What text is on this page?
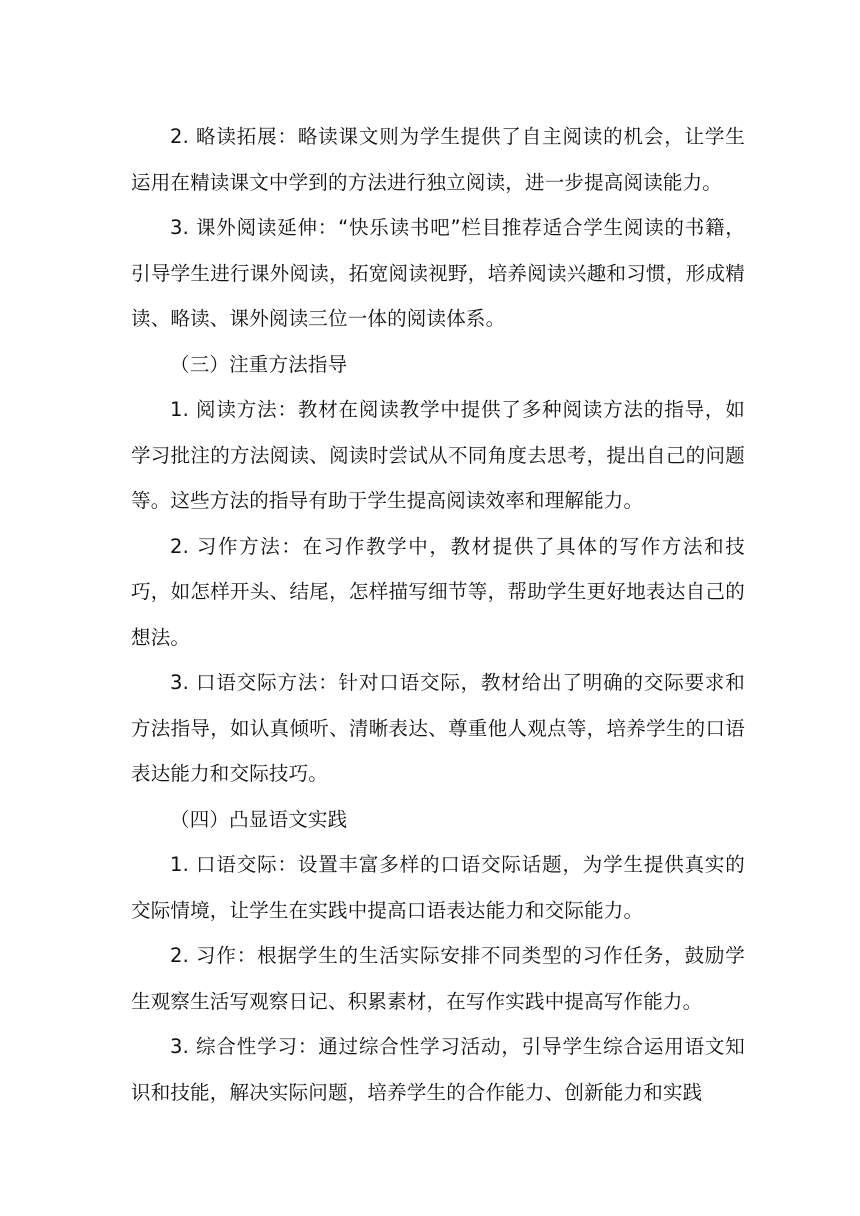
2. 略读拓展：略读课文则为学生提供了自主阅读的机会，让学生运用在精读课文中学到的方法进行独立阅读，进一步提高阅读能力。

3. 课外阅读延伸：“快乐读书吧”栏目推荐适合学生阅读的书籍，引导学生进行课外阅读，拓宽阅读视野，培养阅读兴趣和习惯，形成精读、略读、课外阅读三位一体的阅读体系。

（三）注重方法指导

1. 阅读方法：教材在阅读教学中提供了多种阅读方法的指导，如学习批注的方法阅读、阅读时尝试从不同角度去思考，提出自己的问题等。这些方法的指导有助于学生提高阅读效率和理解能力。

2. 习作方法：在习作教学中，教材提供了具体的写作方法和技巧，如怎样开头、结尾，怎样描写细节等，帮助学生更好地表达自己的想法。

3. 口语交际方法：针对口语交际，教材给出了明确的交际要求和方法指导，如认真倾听、清晰表达、尊重他人观点等，培养学生的口语表达能力和交际技巧。

（四）凸显语文实践

1. 口语交际：设置丰富多样的口语交际话题，为学生提供真实的交际情境，让学生在实践中提高口语表达能力和交际能力。

2. 习作：根据学生的生活实际安排不同类型的习作任务，鼓励学生观察生活写观察日记、积累素材，在写作实践中提高写作能力。

3. 综合性学习：通过综合性学习活动，引导学生综合运用语文知识和技能，解决实际问题，培养学生的合作能力、创新能力和实践
